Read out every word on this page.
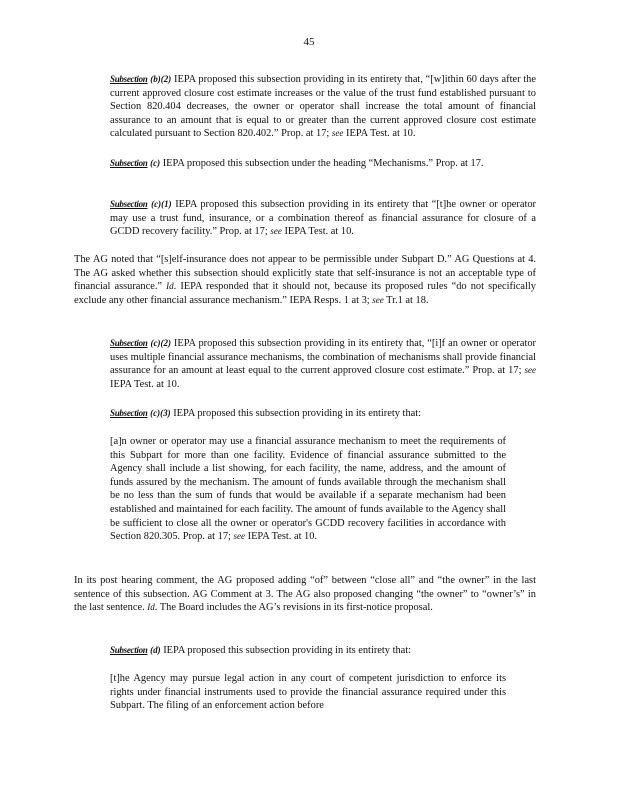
45

Subsection (b)(2) IEPA proposed this subsection providing in its entirety that, “[w]ithin 60 days after the current approved closure cost estimate increases or the value of the trust fund established pursuant to Section 820.404 decreases, the owner or operator shall increase the total amount of financial assurance to an amount that is equal to or greater than the current approved closure cost estimate calculated pursuant to Section 820.402.” Prop. at 17; see IEPA Test. at 10.

Subsection (c) IEPA proposed this subsection under the heading “Mechanisms.” Prop. at 17.

Subsection (c)(1) IEPA proposed this subsection providing in its entirety that “[t]he owner or operator may use a trust fund, insurance, or a combination thereof as financial assurance for closure of a GCDD recovery facility.” Prop. at 17; see IEPA Test. at 10.

The AG noted that “[s]elf-insurance does not appear to be permissible under Subpart D.” AG Questions at 4. The AG asked whether this subsection should explicitly state that self-insurance is not an acceptable type of financial assurance.” Id. IEPA responded that it should not, because its proposed rules “do not specifically exclude any other financial assurance mechanism.” IEPA Resps. 1 at 3; see Tr.1 at 18.

Subsection (c)(2) IEPA proposed this subsection providing in its entirety that, “[i]f an owner or operator uses multiple financial assurance mechanisms, the combination of mechanisms shall provide financial assurance for an amount at least equal to the current approved closure cost estimate.” Prop. at 17; see IEPA Test. at 10.

Subsection (c)(3) IEPA proposed this subsection providing in its entirety that:

[a]n owner or operator may use a financial assurance mechanism to meet the requirements of this Subpart for more than one facility. Evidence of financial assurance submitted to the Agency shall include a list showing, for each facility, the name, address, and the amount of funds assured by the mechanism. The amount of funds available through the mechanism shall be no less than the sum of funds that would be available if a separate mechanism had been established and maintained for each facility. The amount of funds available to the Agency shall be sufficient to close all the owner or operator's GCDD recovery facilities in accordance with Section 820.305. Prop. at 17; see IEPA Test. at 10.

In its post hearing comment, the AG proposed adding “of” between “close all” and “the owner” in the last sentence of this subsection. AG Comment at 3. The AG also proposed changing “the owner” to “owner’s” in the last sentence. Id. The Board includes the AG’s revisions in its first-notice proposal.

Subsection (d) IEPA proposed this subsection providing in its entirety that:

[t]he Agency may pursue legal action in any court of competent jurisdiction to enforce its rights under financial instruments used to provide the financial assurance required under this Subpart. The filing of an enforcement action before
